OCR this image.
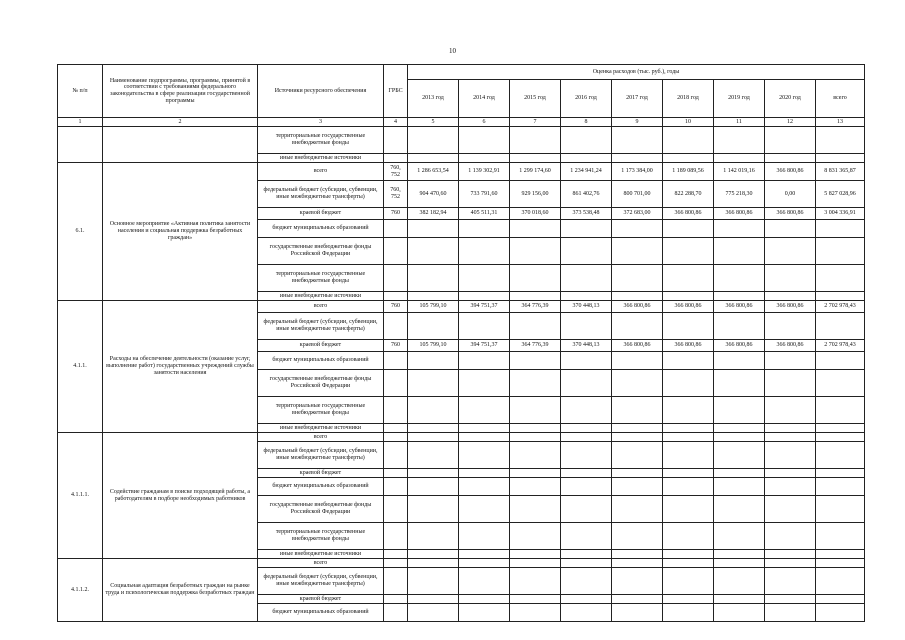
10
№ п/п	Наименование подпрограммы, программы, принятой в соответствии с требованиями федерального законодательства в сфере реализации государственной программы	Источники ресурсного обеспечения	ГРБС	Оценка расходов (тыс. руб.), годы								
				2013 год	2014 год	2015 год	2016 год	2017 год	2018 год	2019 год	2020 год	всего
1	2	3	4	5	6	7	8	9	10	11	12	13
		территориальные государственные внебюджетные фонды										
		иные внебюджетные источники										
6.1.	Основное мероприятие «Активная политика занятости населения и социальная поддержка безработных граждан»	всего	760, 752	1 286 653,54	1 139 302,91	1 299 174,60	1 234 941,24	1 173 384,00	1 189 089,56	1 142 019,16	366 800,86	8 831 365,87
		федеральный бюджет (субсидии, субвенции, иные межбюджетные трансферты)	760, 752	904 470,60	733 791,60	929 156,00	861 402,76	800 701,00	822 288,70	775 218,30	0,00	5 827 028,96
		краевой бюджет	760	382 182,94	405 511,31	370 018,60	373 538,48	372 683,00	366 800,86	366 800,86	366 800,86	3 004 336,91
		бюджет муниципальных образований										
		государственные внебюджетные фонды Российской Федерации										
		территориальные государственные внебюджетные фонды										
		иные внебюджетные источники										
4.1.1.	Расходы на обеспечение деятельности (оказание услуг, выполнение работ) государственных учреждений службы занятости населения	всего	760	105 799,10	394 751,37	364 776,39	370 448,13	366 800,86	366 800,86	366 800,86	366 800,86	2 702 978,43
		федеральный бюджет (субсидии, субвенции, иные межбюджетные трансферты)										
		краевой бюджет	760	105 799,10	394 751,37	364 776,39	370 448,13	366 800,86	366 800,86	366 800,86	366 800,86	2 702 978,43
		бюджет муниципальных образований										
		государственные внебюджетные фонды Российской Федерации										
		территориальные государственные внебюджетные фонды										
		иные внебюджетные источники										
4.1.1.1.	Содействие гражданам в поиске подходящей работы, а работодателям в подборе необходимых работников	всего										
		федеральный бюджет (субсидии, субвенции, иные межбюджетные трансферты)										
		краевой бюджет										
		бюджет муниципальных образований										
		государственные внебюджетные фонды Российской Федерации										
		территориальные государственные внебюджетные фонды										
		иные внебюджетные источники										
4.1.1.2.	Социальная адаптация безработных граждан на рынке труда и психологическая поддержка безработных граждан	всего										
		федеральный бюджет (субсидии, субвенции, иные межбюджетные трансферты)										
		краевой бюджет										
		бюджет муниципальных образований										
